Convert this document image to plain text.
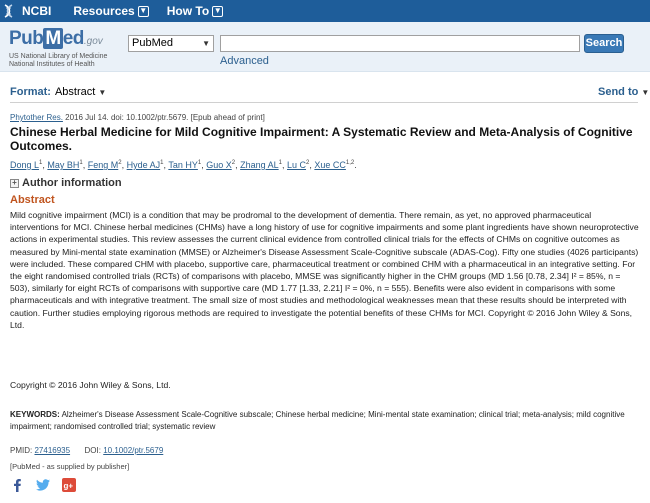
NCBI Resources ▼ How To ▼
Pub M ed.gov
US National Library of Medicine
National Institutes of Health
PubMed	▼	Search
Advanced
Format: Abstract ▼	Send to ▼
Phytother Res. 2016 Jul 14. doi: 10.1002/ptr.5679. [Epub ahead of print]
Chinese Herbal Medicine for Mild Cognitive Impairment: A Systematic Review and Meta-Analysis of Cognitive Outcomes.
Dong $L^1$, May $BH^1$, Feng $M^2$, Hyde $AJ^1$, Tan $HY^1$, Guo $X^2$, Zhang $AL^1$, Lu $C^2$, Xue CC$^{1,2}$.
+ Author information
Abstract
Mild cognitive impairment (MCI) is a condition that may be prodromal to the development of dementia. There remain, as yet, no approved pharmaceutical interventions for MCI. Chinese herbal medicines (CHMs) have a long history of use for cognitive impairments and some plant ingredients have shown neuroprotective actions in experimental studies. This review assesses the current clinical evidence from controlled clinical trials for the effects of CHMs on cognitive outcomes as measured by Mini-mental state examination (MMSE) or Alzheimer's Disease Assessment Scale-Cognitive subscale (ADAS-Cog). Fifty one studies (4026 participants) were included. These compared CHM with placebo, supportive care, pharmaceutical treatment or combined CHM with a pharmaceutical in an integrative setting. For the eight randomised controlled trials (RCTs) of comparisons with placebo, MMSE was significantly higher in the CHM groups (MD 1.56 [0.78, 2.34] I² = 85%, n = 503), similarly for eight RCTs of comparisons with supportive care (MD 1.77 [1.33, 2.21] I² = 0%, n = 555). Benefits were also evident in comparisons with some pharmaceuticals and with integrative treatment. The small size of most studies and methodological weaknesses mean that these results should be interpreted with caution. Further studies employing rigorous methods are required to investigate the potential benefits of these CHMs for MCI. Copyright © 2016 John Wiley & Sons, Ltd.
Copyright © 2016 John Wiley & Sons, Ltd.
KEYWORDS: Alzheimer's Disease Assessment Scale-Cognitive subscale; Chinese herbal medicine; Mini-mental state examination; clinical trial; meta-analysis; mild cognitive impairment; randomised controlled trial; systematic review
PMID: 27416935 DOI: 10.1002/ptr.5679
[PubMed - as supplied by publisher]
g+
